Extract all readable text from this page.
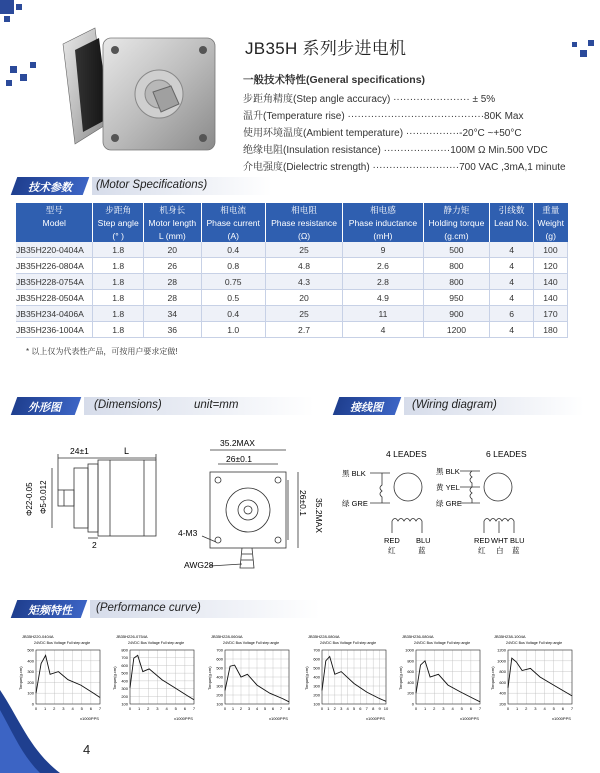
JB35H 系列步进电机
一般技术特性(General specifications)
步距角精度(Step angle accuracy) ······················· ± 5%
温升(Temperature rise) ·········································80K Max
使用环境温度(Ambient temperature) ················-20°C ~+50°C
绝缘电阻(Insulation resistance) ····················100M Ω Min.500 VDC
介电强度(Dielectric strength) ··························700 VAC ,3mA,1 minute
技术参数 (Motor Specifications)
型号	步距角	机身长	相电流	相电阻	相电感	静力矩	引线数	重量
Model	Step angle	Motor length	Phase current	Phase resistance	Phase inductance	Holding torque	Lead No.	Weight
	(° )	L (mm)	(A)	(Ω)	(mH)	(g.cm)		(g)
JB35H220-0404A	1.8	20	0.4	25	9	500	4	100
JB35H226-0804A	1.8	26	0.8	4.8	2.6	800	4	120
JB35H228-0754A	1.8	28	0.75	4.3	2.8	800	4	140
JB35H228-0504A	1.8	28	0.5	20	4.9	950	4	140
JB35H234-0406A	1.8	34	0.4	25	11	900	6	170
JB35H236-1004A	1.8	36	1.0	2.7	4	1200	4	180
* 以上仅为代表性产品，可按用户要求定做!
外形图	(Dimensions)	unit=mm	接线图	(Wiring diagram)
24±1	L
Φ22-0.05 Φ5-0.012
2
35.2MAX
26±0.1
35.2MAX
26±0.1
4-M3
AWG28
4 LEADES
黑 BLK
绿 GRE
RED BLU
红	蓝
6 LEADES
黑 BLK
黄 YEL
绿 GRE
RED WHT BLU
红 白 蓝
矩频特性 (Performance curve)
JB35H220-0404A
24VDC Bus Voltage Full step angle
Torque(g.cm)
x1000PPS
500
400
300
200
100
0
0 1 2 3 4 5 6 7
JB35H226-0754A
24VDC Bus Voltage Full step angle
Torque(g.cm)
x1000PPS
800
700
600
500
400
300
200
100
0 1 2 3 4 5 6 7
JB35H228-0604A
24VDC Bus Voltage Full step angle
Torque(g.cm)
x1000PPS
700
600
500
400
300
200
100
0 1 2 3 4 5 6 7 8
JB35H228-0804A
24VDC Bus Voltage Full step angle
Torque(g.cm)
x1000PPS
700
600
500
400
300
200
100
0 1 2 3 4 5 6 7 8 9 10
JB35H236-0804A
24VDC Bus Voltage Full step angle
Torque(g.cm)
x1000PPS
1000
800
600
400
200
0
0 1 2 3 4 5 6 7
JB35H238-1004A
24VDC Bus Voltage Full step angle
Torque(g.cm)
x1000PPS
1200
1000
800
600
400
200
0 1 2 3 4 5 6 7
4
